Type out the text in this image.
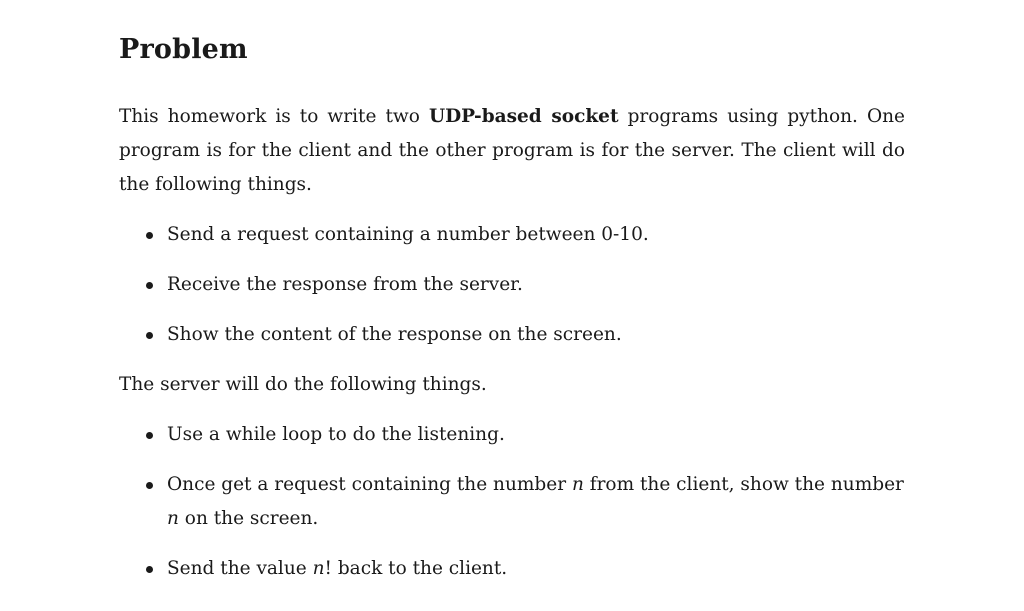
Problem

This homework is to write two UDP-based socket programs using python. One program is for the client and the other program is for the server. The client will do the following things.

Send a request containing a number between 0-10.
Receive the response from the server.
Show the content of the response on the screen.

The server will do the following things.

Use a while loop to do the listening.
Once get a request containing the number n from the client, show the number n on the screen.
Send the value n! back to the client.
